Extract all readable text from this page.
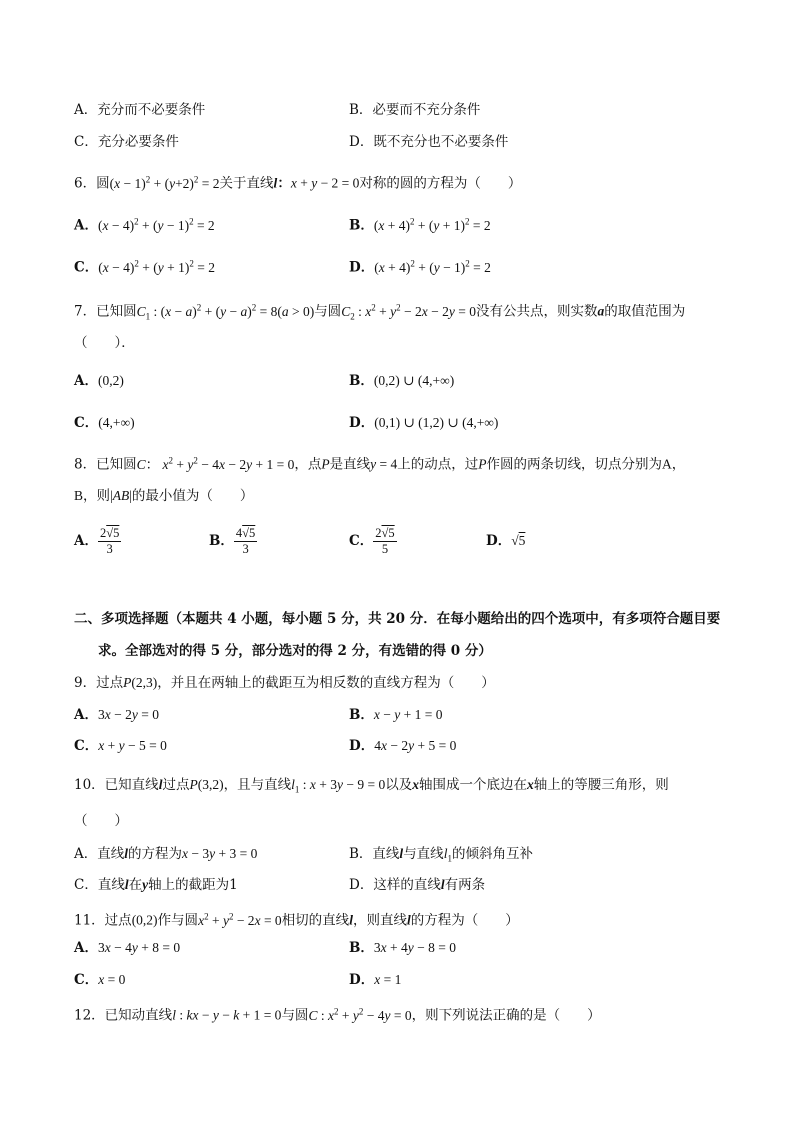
A．充分而不必要条件	B．必要而不充分条件
C．充分必要条件	D．既不充分也不必要条件
6．圆$(x - 1)^2 + (y+2)^2 = 2$关于直线l：x + y − 2 = 0对称的圆的方程为（　　）
A．$(x - 4)^2 + (y - 1)^2 = 2$	B．$(x + 4)^2 + (y + 1)^2 = 2$
C．$(x - 4)^2 + (y + 1)^2 = 2$	D．$(x + 4)^2 + (y - 1)^2 = 2$
7．已知圆$C_1$ : $(x - a)^2 + (y - a)^2 = 8(a > 0)$与圆$C_2$ : $x^2 + y^2 - 2x - 2y = 0$没有公共点，则实数a的取值范围为
（　　）．
A．(0,2)	B．(0,2) ∪ (4,+∞)
C．(4,+∞)	D．(0,1) ∪ (1,2) ∪ (4,+∞)
8．已知圆C： $x^2 + y^2 - 4x - 2y + 1 = 0$，点P是直线y = 4上的动点，过P作圆的两条切线，切点分别为A，
B，则|AB|的最小值为（　　）
A． $\frac{2√5}{3}$	B． $\frac{4√5}{3}$	C． $\frac{2√5}{5}$	D．√5
二、多项选择题（本题共 4 小题，每小题 5 分，共 20 分．在每小题给出的四个选项中，有多项符合题目要
求。全部选对的得 5 分，部分选对的得 2 分，有选错的得 0 分）
9．过点P(2,3)，并且在两轴上的截距互为相反数的直线方程为（　　）
A．3x − 2y = 0	B．x − y + 1 = 0
C．x + y − 5 = 0	D．4x − 2y + 5 = 0
10．已知直线l过点P(3,2)，且与直线$l_1$ : x + 3y − 9 = 0以及x轴围成一个底边在x轴上的等腰三角形，则
（　　）
A．直线l的方程为x − 3y + 3 = 0	B．直线l与直线$l_1$的倾斜角互补
C．直线l在y轴上的截距为1	D．这样的直线l有两条
11．过点(0,2)作与圆$x^2 + y^2 - 2x = 0$相切的直线l，则直线l的方程为（　　）
A．3x − 4y + 8 = 0	B．3x + 4y − 8 = 0
C．x = 0	D．x = 1
12．已知动直线l : kx − y − k + 1 = 0与圆C : $x^2 + y^2 - 4y = 0$，则下列说法正确的是（　　）
